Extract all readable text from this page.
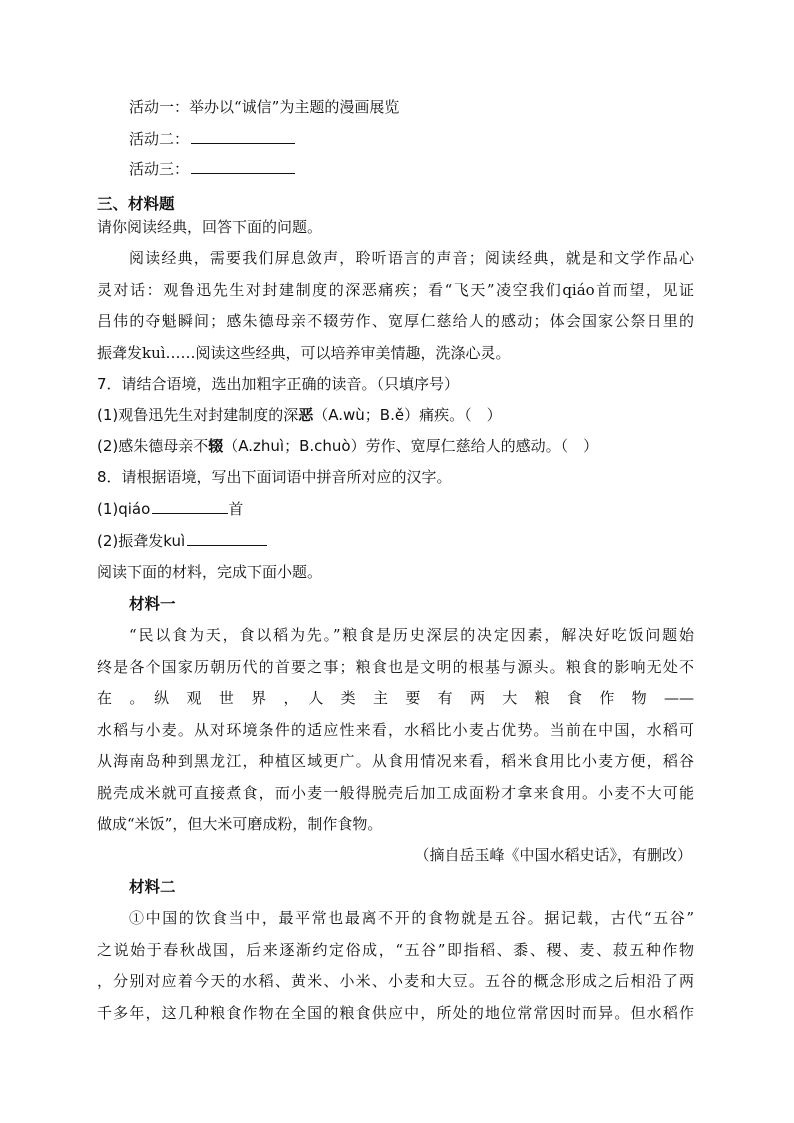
活动一：举办以“诚信”为主题的漫画展览
活动二：
活动三：
三、材料题
请你阅读经典，回答下面的问题。
阅读经典，需要我们屏息敛声，聆听语言的声音；阅读经典，就是和文学作品心
灵对话：观鲁迅先生对封建制度的深恶痛疾；看“飞天”凌空我们qiáo首而望，见证
吕伟的夺魁瞬间；感朱德母亲不辍劳作、宽厚仁慈给人的感动；体会国家公祭日里的
振聋发kuì……阅读这些经典，可以培养审美情趣，洗涤心灵。
7．请结合语境，选出加粗字正确的读音。（只填序号）
(1)观鲁迅先生对封建制度的深恶（A.wù；B.ě）痛疾。（　）
(2)感朱德母亲不辍（A.zhuì；B.chuò）劳作、宽厚仁慈给人的感动。（　）
8．请根据语境，写出下面词语中拼音所对应的汉字。
(1)qiáo	首
(2)振聋发kuì
阅读下面的材料，完成下面小题。
材料一
“民以食为天，食以稻为先。”粮食是历史深层的决定因素，解决好吃饭问题始
终是各个国家历朝历代的首要之事；粮食也是文明的根基与源头。粮食的影响无处不
在　。　纵　观　世　界　，　人　类　主　要　有　两　大　粮　食　作　物　——
水稻与小麦。从对环境条件的适应性来看，水稻比小麦占优势。当前在中国，水稻可
从海南岛种到黑龙江，种植区域更广。从食用情况来看，稻米食用比小麦方便，稻谷
脱壳成米就可直接煮食，而小麦一般得脱壳后加工成面粉才拿来食用。小麦不大可能
做成“米饭”，但大米可磨成粉，制作食物。
（摘自岳玉峰《中国水稻史话》，有删改）
材料二
①中国的饮食当中，最平常也最离不开的食物就是五谷。据记载，古代“五谷”
之说始于春秋战国，后来逐渐约定俗成，“五谷”即指稻、黍、稷、麦、菽五种作物
，分别对应着今天的水稻、黄米、小米、小麦和大豆。五谷的概念形成之后相沿了两
千多年，这几种粮食作物在全国的粮食供应中，所处的地位常常因时而异。但水稻作
